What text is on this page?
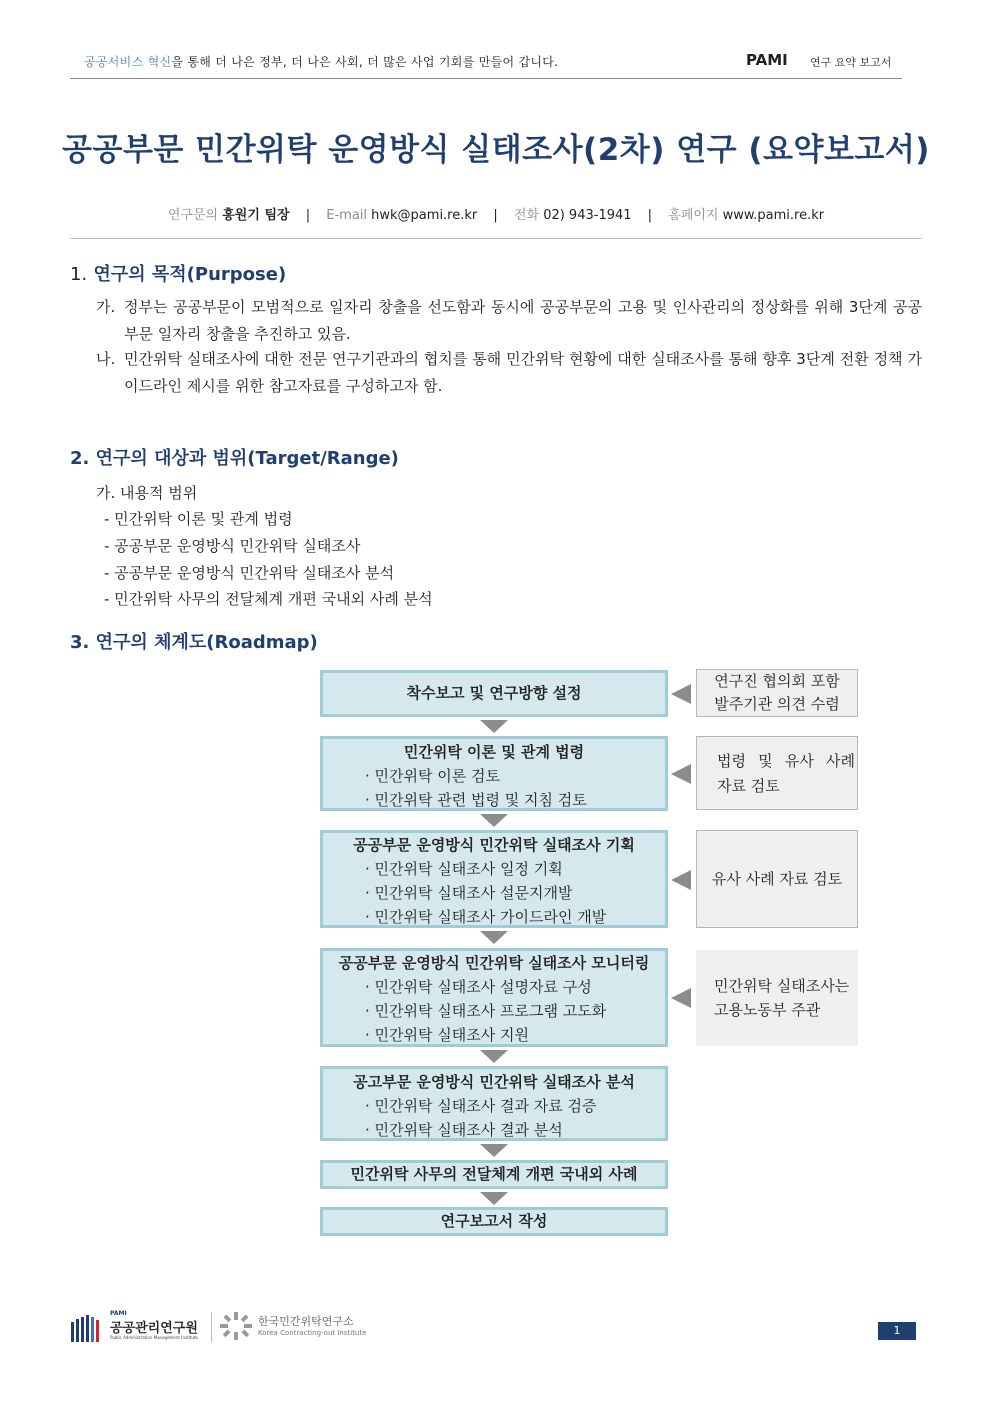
공공서비스 혁신을 통해 더 나은 정부, 더 나은 사회, 더 많은 사업 기회를 만들어 갑니다.	PAMI 연구 요약 보고서
공공부문 민간위탁 운영방식 실태조사(2차) 연구 (요약보고서)
연구문의 홍원기 팀장 | E-mail hwk@pami.re.kr | 전화 02) 943-1941 | 홈페이지 www.pami.re.kr
1. 연구의 목적(Purpose)
가. 정부는 공공부문이 모범적으로 일자리 창출을 선도함과 동시에 공공부문의 고용 및 인사관리의 정상화를 위해 3단계 공공부문 일자리 창출을 추진하고 있음.
나. 민간위탁 실태조사에 대한 전문 연구기관과의 협치를 통해 민간위탁 현황에 대한 실태조사를 통해 향후 3단계 전환 정책 가이드라인 제시를 위한 참고자료를 구성하고자 함.
2. 연구의 대상과 범위(Target/Range)
가. 내용적 범위
- 민간위탁 이론 및 관계 법령
- 공공부문 운영방식 민간위탁 실태조사
- 공공부문 운영방식 민간위탁 실태조사 분석
- 민간위탁 사무의 전달체계 개편 국내외 사례 분석
3. 연구의 체계도(Roadmap)
착수보고 및 연구방향 설정
민간위탁 이론 및 관계 법령
· 민간위탁 이론 검토
· 민간위탁 관련 법령 및 지침 검토
공공부문 운영방식 민간위탁 실태조사 기획
· 민간위탁 실태조사 일정 기획
· 민간위탁 실태조사 설문지개발
· 민간위탁 실태조사 가이드라인 개발
공공부문 운영방식 민간위탁 실태조사 모니터링
· 민간위탁 실태조사 설명자료 구성
· 민간위탁 실태조사 프로그램 고도화
· 민간위탁 실태조사 지원
공고부문 운영방식 민간위탁 실태조사 분석
· 민간위탁 실태조사 결과 자료 검증
· 민간위탁 실태조사 결과 분석
민간위탁 사무의 전달체계 개편 국내외 사례
연구보고서 작성
연구진 협의회 포함
발주기관 의견 수렴
법령 및 유사 사례
자료 검토
유사 사례 자료 검토
민간위탁 실태조사는
고용노동부 주관
PAMI
공공관리연구원
Public Administration Management Institute
한국민간위탁연구소
Korea Contracting-out Institute	1
